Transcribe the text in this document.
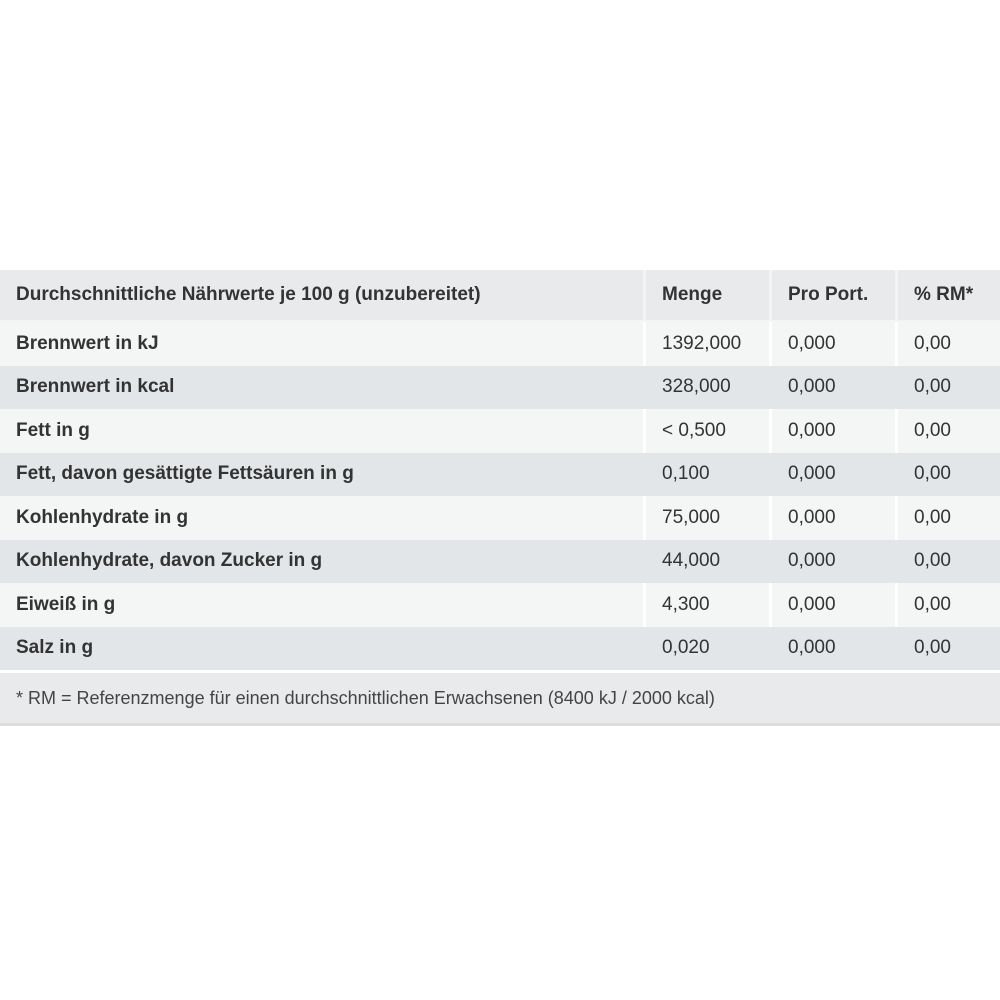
Durchschnittliche Nährwerte je 100 g (unzubereitet)	Menge	Pro Port.	% RM*
Brennwert in kJ	1392,000	0,000	0,00
Brennwert in kcal	328,000	0,000	0,00
Fett in g	< 0,500	0,000	0,00
Fett, davon gesättigte Fettsäuren in g	0,100	0,000	0,00
Kohlenhydrate in g	75,000	0,000	0,00
Kohlenhydrate, davon Zucker in g	44,000	0,000	0,00
Eiweiß in g	4,300	0,000	0,00
Salz in g	0,020	0,000	0,00
* RM = Referenzmenge für einen durchschnittlichen Erwachsenen (8400 kJ / 2000 kcal)			
